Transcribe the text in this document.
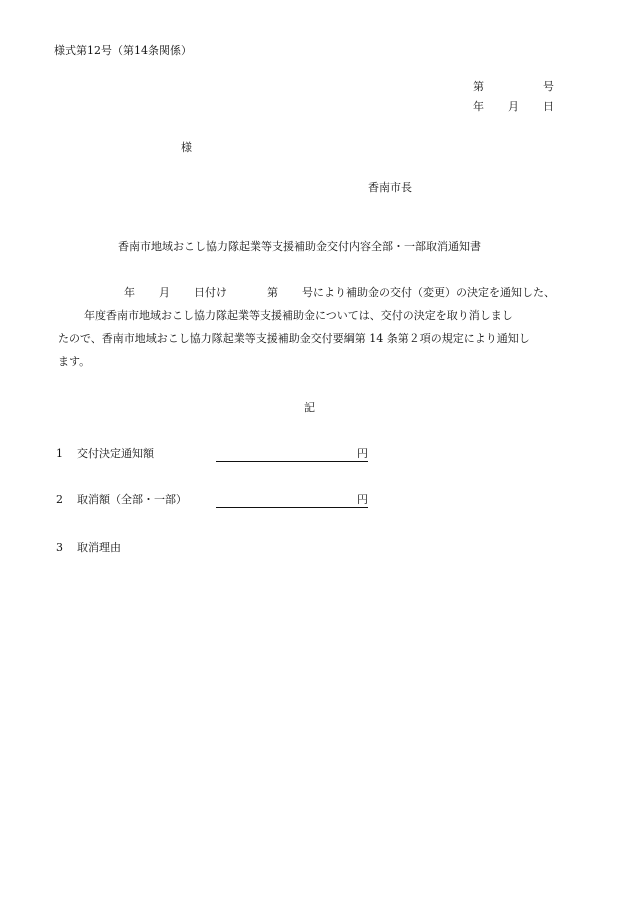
様式第12号（第14条関係）
第	号
年 月 日
様
香南市長
香南市地域おこし協力隊起業等支援補助金交付内容全部・一部取消通知書
年 月 日付け	第 号により補助金の交付（変更）の決定を通知した、
年度香南市地域おこし協力隊起業等支援補助金については、交付の決定を取り消しまし
たので、香南市地域おこし協力隊起業等支援補助金交付要綱第 14 条第２項の規定により通知し
ます。
記
1 交付決定通知額	円
2 取消額（全部・一部）	円
3 取消理由
